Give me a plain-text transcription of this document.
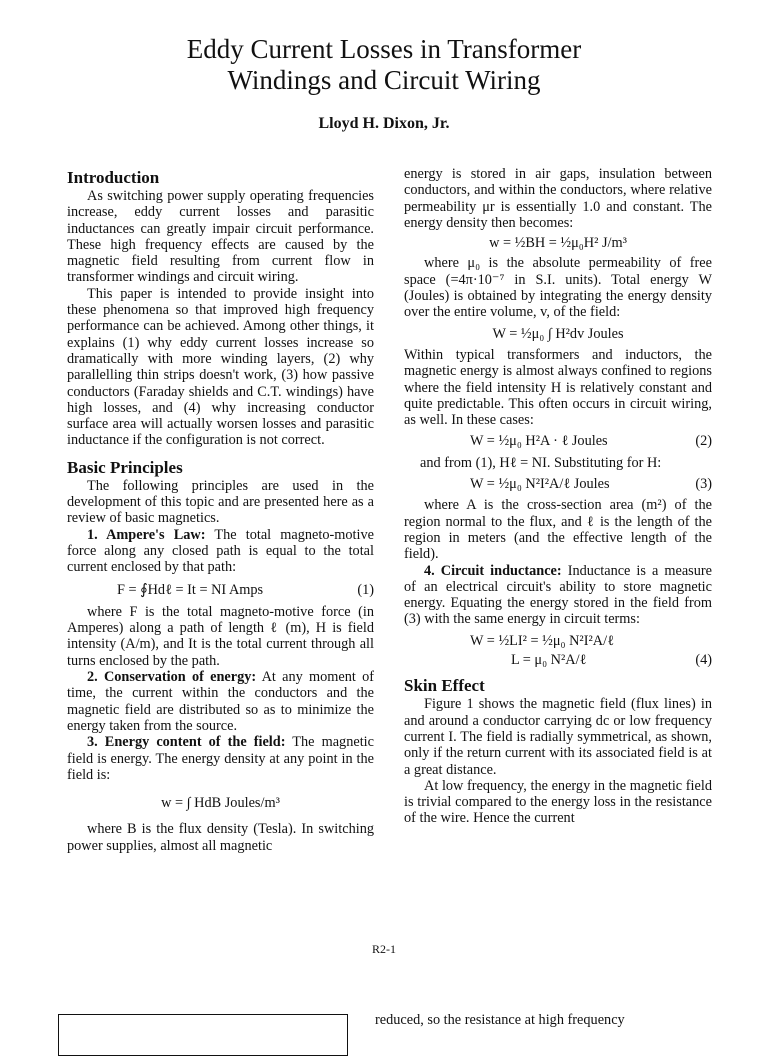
Eddy Current Losses in Transformer
Windings and Circuit Wiring
Lloyd H. Dixon, Jr.
Introduction

As switching power supply operating frequencies increase, eddy current losses and parasitic inductances can greatly impair circuit performance. These high frequency effects are caused by the magnetic field resulting from current flow in transformer windings and circuit wiring.

This paper is intended to provide insight into these phenomena so that improved high frequency performance can be achieved. Among other things, it explains (1) why eddy current losses increase so dramatically with more winding layers, (2) why parallelling thin strips doesn't work, (3) how passive conductors (Faraday shields and C.T. windings) have high losses, and (4) why increasing conductor surface area will actually worsen losses and parasitic inductance if the configuration is not correct.

Basic Principles

The following principles are used in the development of this topic and are presented here as a review of basic magnetics.

1. Ampere's Law: The total magneto-motive force along any closed path is equal to the total current enclosed by that path:

F = ∮Hdℓ = It = NI Amps	(1)

where F is the total magneto-motive force (in Amperes) along a path of length ℓ (m), H is field intensity (A/m), and It is the total current through all turns enclosed by the path.

2. Conservation of energy: At any moment of time, the current within the conductors and the magnetic field are distributed so as to minimize the energy taken from the source.

3. Energy content of the field: The magnetic field is energy. The energy density at any point in the field is:

w = ∫ HdB Joules/m³

where B is the flux density (Tesla). In switching power supplies, almost all magnetic

energy is stored in air gaps, insulation between conductors, and within the conductors, where relative permeability μr is essentially 1.0 and constant. The energy density then becomes:

w = ½BH = ½μ₀H² J/m³

where μ₀ is the absolute permeability of free space (=4π·10⁻⁷ in S.I. units). Total energy W (Joules) is obtained by integrating the energy density over the entire volume, v, of the field:

W = ½μ₀ ∫ H²dv Joules

Within typical transformers and inductors, the magnetic energy is almost always confined to regions where the field intensity H is relatively constant and quite predictable. This often occurs in circuit wiring, as well. In these cases:

W = ½μ₀ H²A · ℓ Joules	(2)

and from (1), Hℓ = NI. Substituting for H:

W = ½μ₀ N²I²A/ℓ Joules	(3)

where A is the cross-section area (m²) of the region normal to the flux, and ℓ is the length of the region in meters (and the effective length of the field).

4. Circuit inductance: Inductance is a measure of an electrical circuit's ability to store magnetic energy. Equating the energy stored in the field from (3) with the same energy in circuit terms:

W = ½LI² = ½μ₀ N²I²A/ℓ
L = μ₀ N²A/ℓ	(4)
Skin Effect

Figure 1 shows the magnetic field (flux lines) in and around a conductor carrying dc or low frequency current I. The field is radially symmetrical, as shown, only if the return current with its associated field is at a great distance.

At low frequency, the energy in the magnetic field is trivial compared to the energy loss in the resistance of the wire. Hence the current

R2-1
reduced, so the resistance at high frequency
